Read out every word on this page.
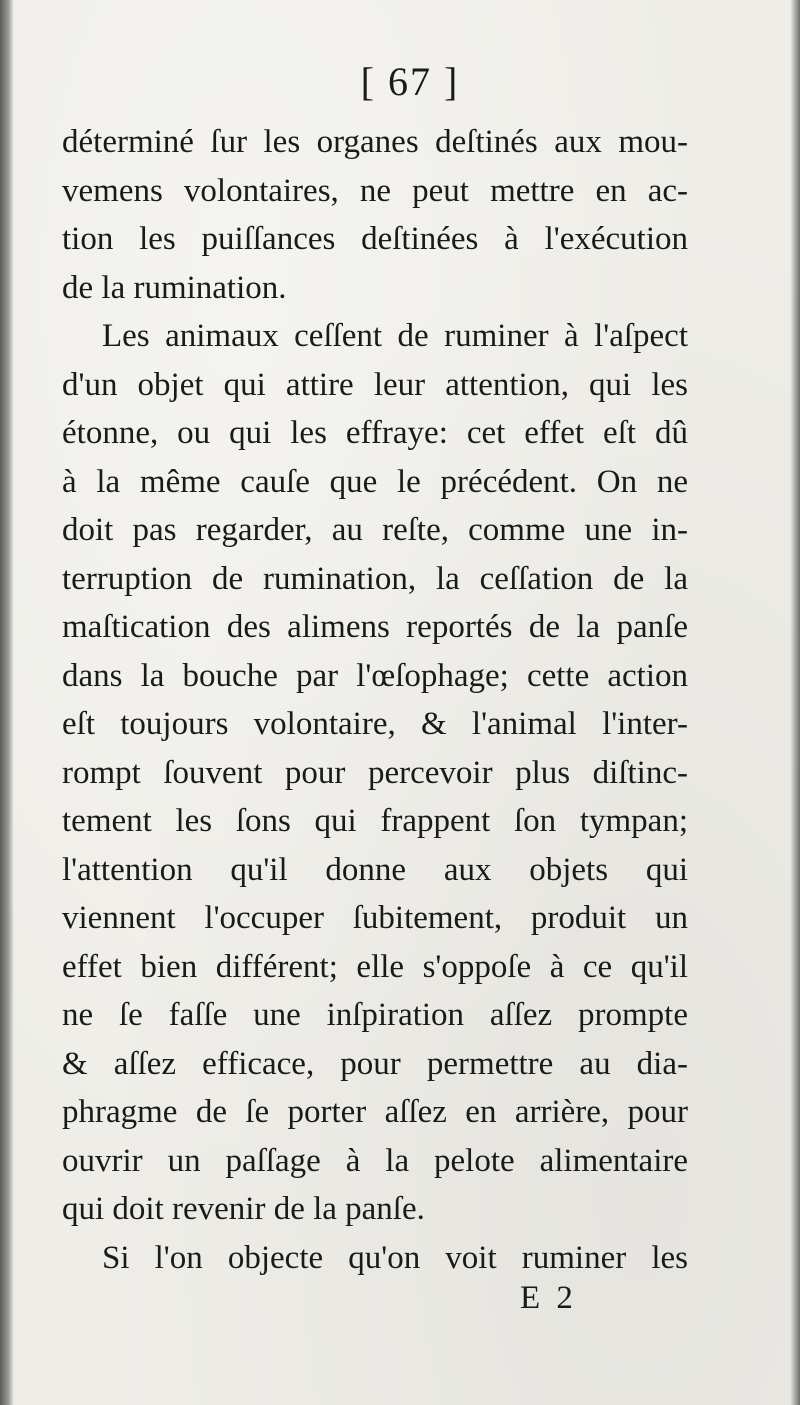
[ 67 ]
déterminé ſur les organes deſtinés aux mou-
vemens volontaires, ne peut mettre en ac-
tion les puiſſances deſtinées à l'exécution
de la rumination.
Les animaux ceſſent de ruminer à l'aſpect
d'un objet qui attire leur attention, qui les
étonne, ou qui les effraye: cet effet eſt dû
à la même cauſe que le précédent. On ne
doit pas regarder, au reſte, comme une in-
terruption de rumination, la ceſſation de la
maſtication des alimens reportés de la panſe
dans la bouche par l'œſophage; cette action
eſt toujours volontaire, & l'animal l'inter-
rompt ſouvent pour percevoir plus diſtinc-
tement les ſons qui frappent ſon tympan;
l'attention qu'il donne aux objets qui
viennent l'occuper ſubitement, produit un
effet bien différent; elle s'oppoſe à ce qu'il
ne ſe faſſe une inſpiration aſſez prompte
& aſſez efficace, pour permettre au dia-
phragme de ſe porter aſſez en arrière, pour
ouvrir un paſſage à la pelote alimentaire
qui doit revenir de la panſe.
Si l'on objecte qu'on voit ruminer les
E 2
